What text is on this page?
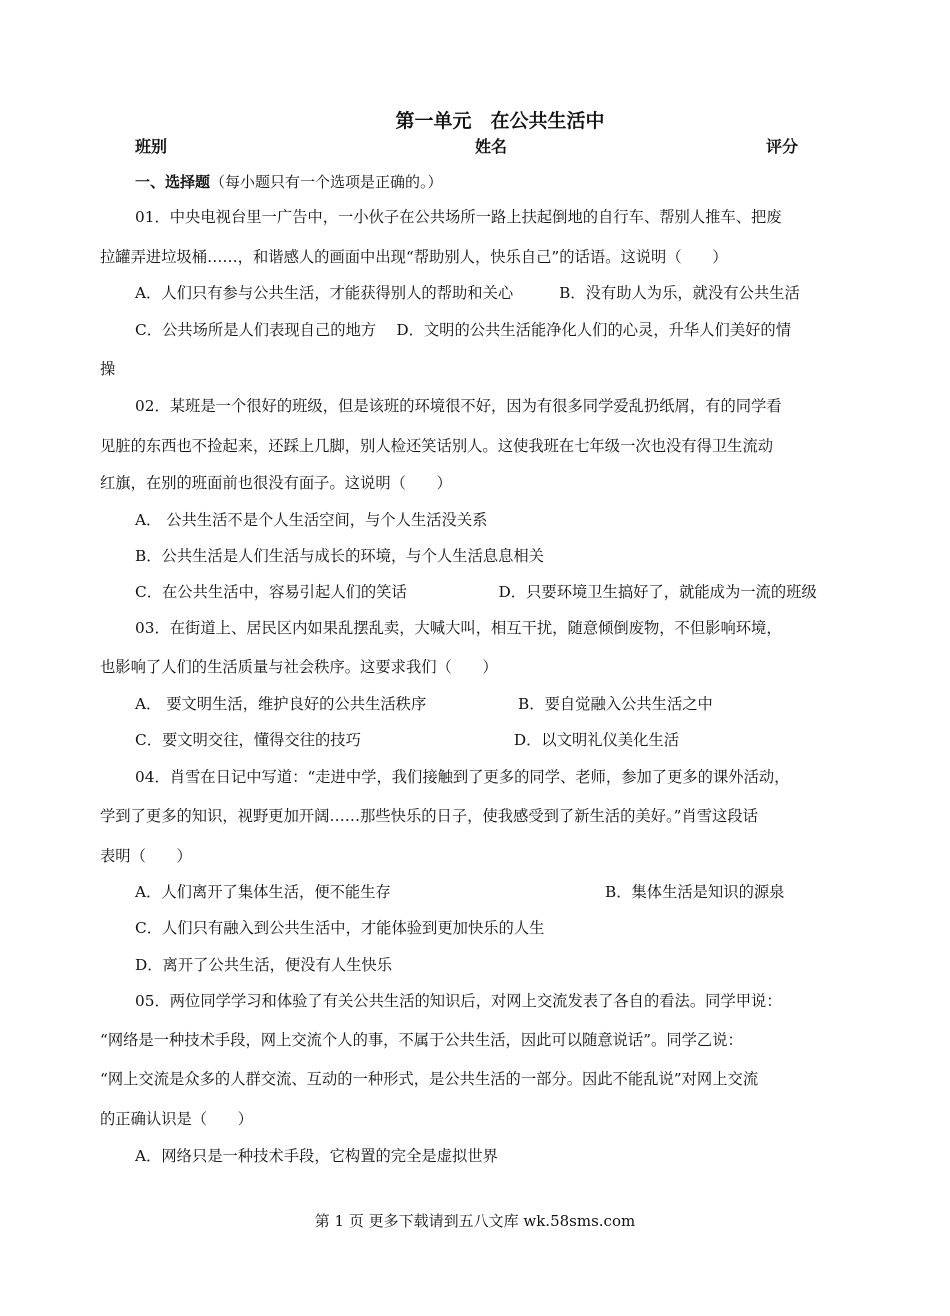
第一单元　在公共生活中
班别	姓名	评分
一、选择题（每小题只有一个选项是正确的。）
01．中央电视台里一广告中，一小伙子在公共场所一路上扶起倒地的自行车、帮别人推车、把废
拉罐弄进垃圾桶……，和谐感人的画面中出现“帮助别人，快乐自己”的话语。这说明（　　）
A．人们只有参与公共生活，才能获得别人的帮助和关心　　　B．没有助人为乐，就没有公共生活
C．公共场所是人们表现自己的地方　 D．文明的公共生活能净化人们的心灵，升华人们美好的情
操
02．某班是一个很好的班级，但是该班的环境很不好，因为有很多同学爱乱扔纸屑，有的同学看
见脏的东西也不捡起来，还踩上几脚，别人检还笑话别人。这使我班在七年级一次也没有得卫生流动
红旗，在别的班面前也很没有面子。这说明（　　）
A． 公共生活不是个人生活空间，与个人生活没关系
B．公共生活是人们生活与成长的环境，与个人生活息息相关
C．在公共生活中，容易引起人们的笑话　　　　　　D．只要环境卫生搞好了，就能成为一流的班级
03．在街道上、居民区内如果乱摆乱卖，大喊大叫，相互干扰，随意倾倒废物，不但影响环境，
也影响了人们的生活质量与社会秩序。这要求我们（　　）
A． 要文明生活，维护良好的公共生活秩序　　　　　　B．要自觉融入公共生活之中
C．要文明交往，懂得交往的技巧　　　　　　　　　　D．以文明礼仪美化生活
04．肖雪在日记中写道：“走进中学，我们接触到了更多的同学、老师，参加了更多的课外活动，
学到了更多的知识，视野更加开阔……那些快乐的日子，使我感受到了新生活的美好。”肖雪这段话
表明（　　）
A．人们离开了集体生活，便不能生存　　　　　　　　　　　　　　B．集体生活是知识的源泉
C．人们只有融入到公共生活中，才能体验到更加快乐的人生
D．离开了公共生活，便没有人生快乐
05．两位同学学习和体验了有关公共生活的知识后，对网上交流发表了各自的看法。同学甲说：
“网络是一种技术手段，网上交流个人的事，不属于公共生活，因此可以随意说话”。同学乙说：
“网上交流是众多的人群交流、互动的一种形式，是公共生活的一部分。因此不能乱说”对网上交流
的正确认识是（　　）
A．网络只是一种技术手段，它构置的完全是虚拟世界
第 1 页 更多下载请到五八文库 wk.58sms.com
